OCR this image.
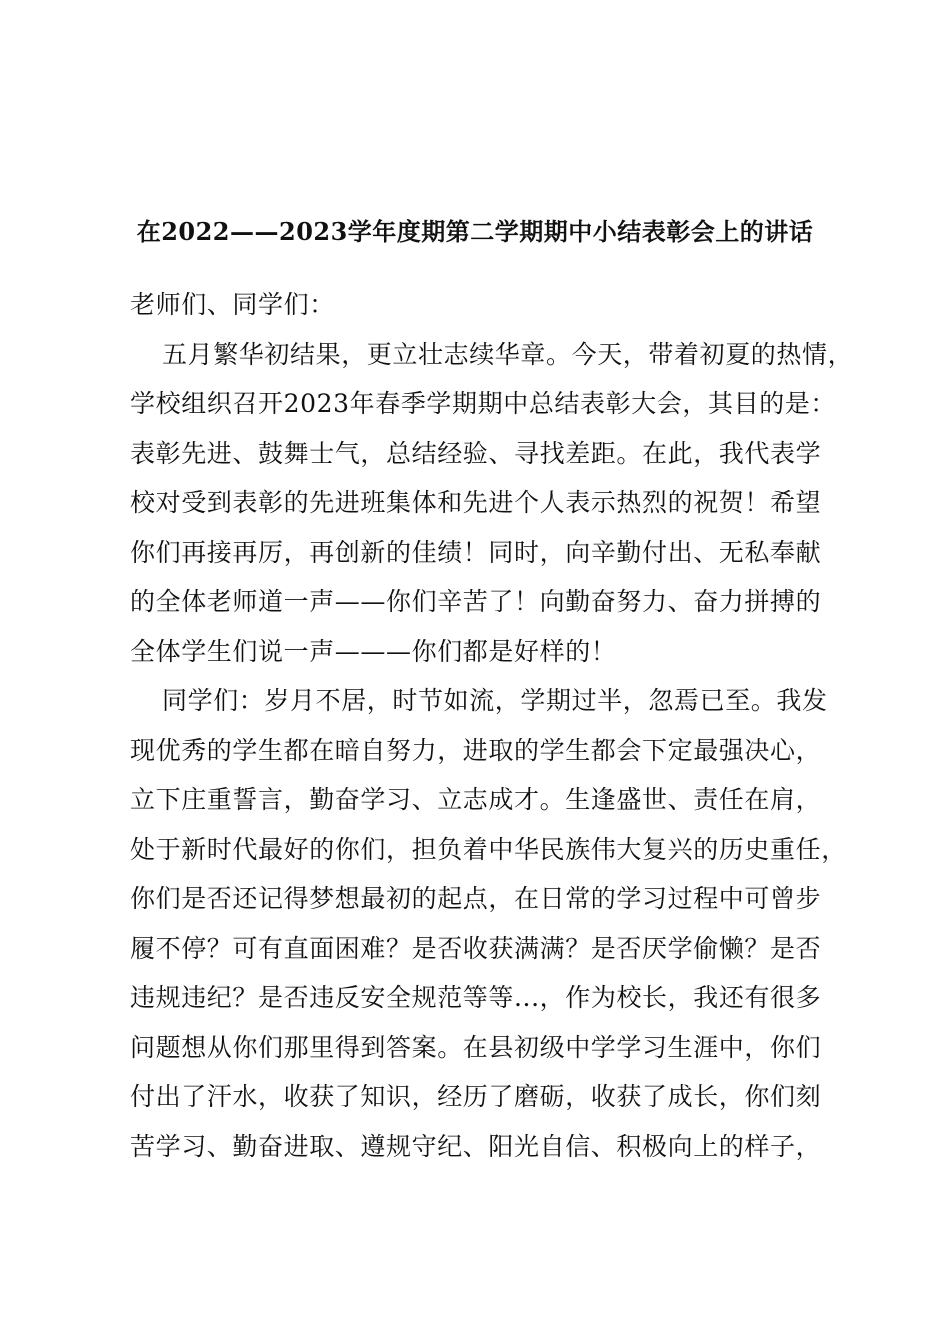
在2022——2023学年度期第二学期期中小结表彰会上的讲话
老师们、同学们：
五月繁华初结果，更立壮志续华章。今天，带着初夏的热情，
学校组织召开2023年春季学期期中总结表彰大会，其目的是：
表彰先进、鼓舞士气，总结经验、寻找差距。在此，我代表学
校对受到表彰的先进班集体和先进个人表示热烈的祝贺！希望
你们再接再厉，再创新的佳绩！同时，向辛勤付出、无私奉献
的全体老师道一声——你们辛苦了！向勤奋努力、奋力拼搏的
全体学生们说一声———你们都是好样的！
同学们：岁月不居，时节如流，学期过半，忽焉已至。我发
现优秀的学生都在暗自努力，进取的学生都会下定最强决心，
立下庄重誓言，勤奋学习、立志成才。生逢盛世、责任在肩，
处于新时代最好的你们，担负着中华民族伟大复兴的历史重任，
你们是否还记得梦想最初的起点，在日常的学习过程中可曾步
履不停？可有直面困难？是否收获满满？是否厌学偷懒？是否
违规违纪？是否违反安全规范等等...，作为校长，我还有很多
问题想从你们那里得到答案。在县初级中学学习生涯中，你们
付出了汗水，收获了知识，经历了磨砺，收获了成长，你们刻
苦学习、勤奋进取、遵规守纪、阳光自信、积极向上的样子，
